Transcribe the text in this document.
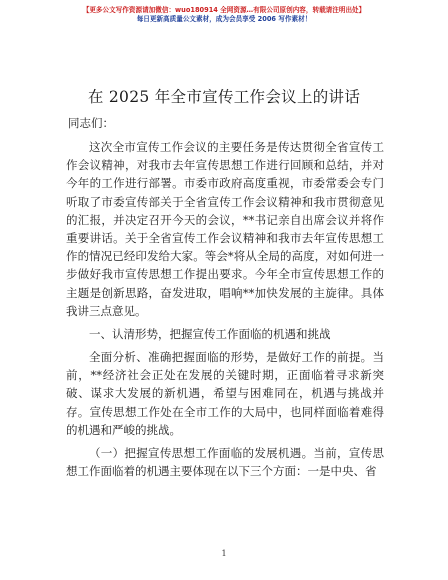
【更多公文写作资源请加微信：wuo180914 全网资源…有限公司原创内容，转载请注明出处】
每日更新高质量公文素材，成为会员享受 2006 写作素材！
在 2025 年全市宣传工作会议上的讲话
同志们：

这次全市宣传工作会议的主要任务是传达贯彻全省宣传工作会议精神，对我市去年宣传思想工作进行回顾和总结，并对今年的工作进行部署。市委市政府高度重视，市委常委会专门听取了市委宣传部关于全省宣传工作会议精神和我市贯彻意见的汇报，并决定召开今天的会议，**书记亲自出席会议并将作重要讲话。关于全省宣传工作会议精神和我市去年宣传思想工作的情况已经印发给大家。等会*将从全局的高度，对如何进一步做好我市宣传思想工作提出要求。今年全市宣传思想工作的主题是创新思路，奋发进取，唱响**加快发展的主旋律。具体我讲三点意见。

一、认清形势，把握宣传工作面临的机遇和挑战

全面分析、准确把握面临的形势，是做好工作的前提。当前，**经济社会正处在发展的关键时期，正面临着寻求新突破、谋求大发展的新机遇，希望与困难同在，机遇与挑战并存。宣传思想工作处在全市工作的大局中，也同样面临着难得的机遇和严峻的挑战。

（一）把握宣传思想工作面临的发展机遇。当前，宣传思想工作面临着的机遇主要体现在以下三个方面：一是中央、省

1
